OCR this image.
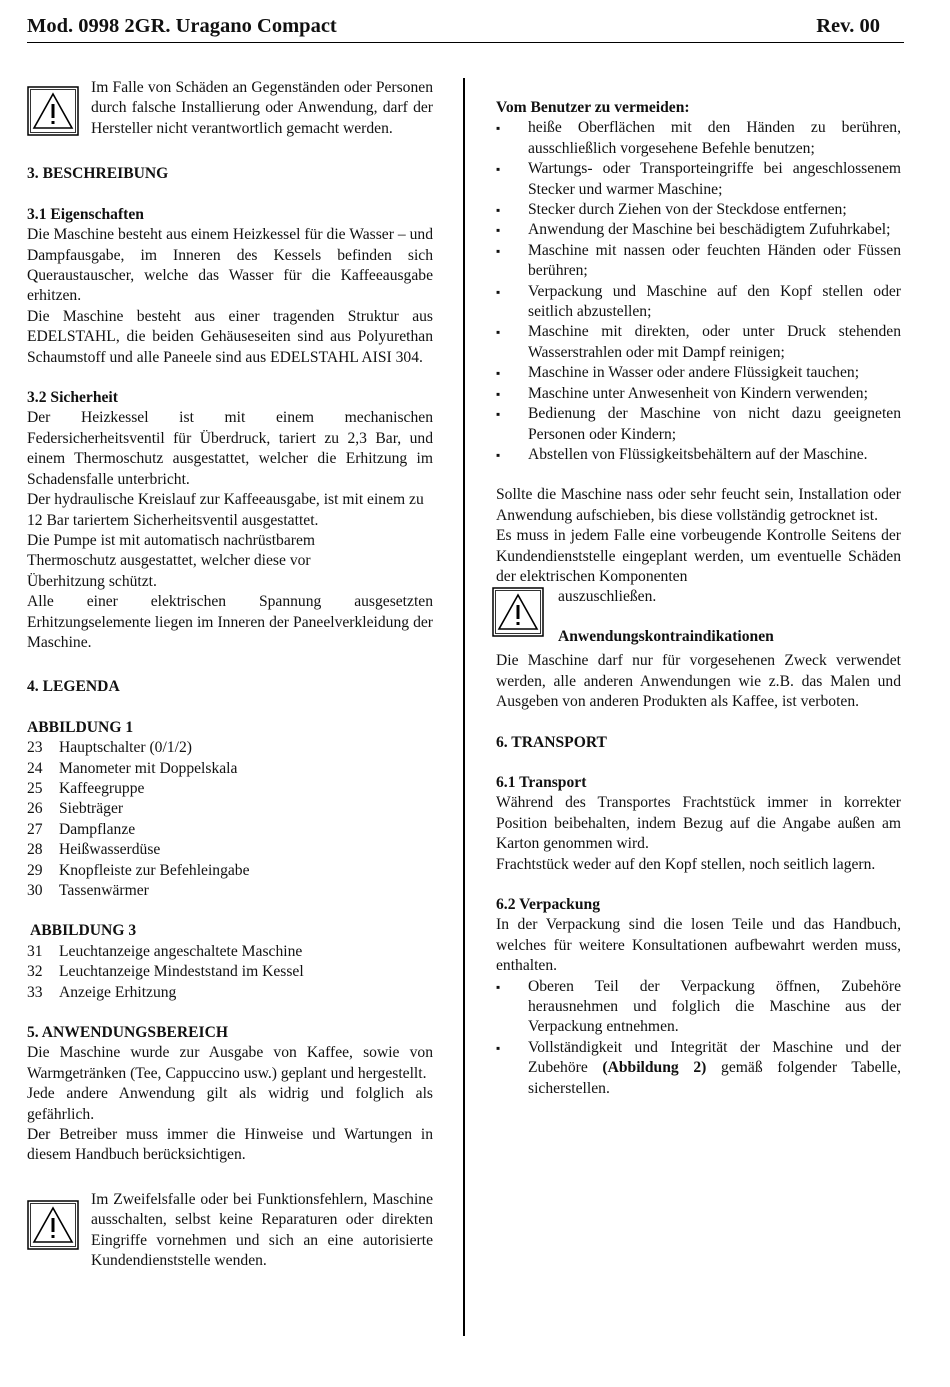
Mod. 0998 2GR. Uragano Compact	Rev. 00

Im Falle von Schäden an Gegenständen oder Personen durch falsche Installierung oder Anwendung, darf der Hersteller nicht verantwortlich gemacht werden.

3. BESCHREIBUNG

3.1 Eigenschaften

Die Maschine besteht aus einem Heizkessel für die Wasser – und Dampfausgabe, im Inneren des Kessels befinden sich Queraustauscher, welche das Wasser für die Kaffeeausgabe erhitzen.

Die Maschine besteht aus einer tragenden Struktur aus EDELSTAHL, die beiden Gehäuseseiten sind aus Polyurethan Schaumstoff und alle Paneele sind aus EDELSTAHL AISI 304.

3.2 Sicherheit

Der Heizkessel ist mit einem mechanischen Federsicherheitsventil für Überdruck, tariert zu 2,3 Bar, und einem Thermoschutz ausgestattet, welcher die Erhitzung im Schadensfalle unterbricht.

Der hydraulische Kreislauf zur Kaffeeausgabe, ist mit einem zu 12 Bar tariertem Sicherheitsventil ausgestattet.

Die Pumpe ist mit automatisch nachrüstbarem Thermoschutz ausgestattet, welcher diese vor Überhitzung schützt.

Alle einer elektrischen Spannung ausgesetzten Erhitzungselemente liegen im Inneren der Paneelverkleidung der Maschine.

4. LEGENDA

ABBILDUNG 1

23	Hauptschalter (0/1/2)
24	Manometer mit Doppelskala
25	Kaffeegruppe
26	Siebträger
27	Dampflanze
28	Heißwasserdüse
29	Knopfleiste zur Befehleingabe
30	Tassenwärmer

ABBILDUNG 3

31	Leuchtanzeige angeschaltete Maschine
32	Leuchtanzeige Mindeststand im Kessel
33	Anzeige Erhitzung

5. ANWENDUNGSBEREICH

Die Maschine wurde zur Ausgabe von Kaffee, sowie von Warmgetränken (Tee, Cappuccino usw.) geplant und hergestellt.

Jede andere Anwendung gilt als widrig und folglich als gefährlich.

Der Betreiber muss immer die Hinweise und Wartungen in diesem Handbuch berücksichtigen.

Im Zweifelsfalle oder bei Funktionsfehlern, Maschine ausschalten, selbst keine Reparaturen oder direkten Eingriffe vornehmen und sich an eine autorisierte Kundendienststelle wenden.

Vom Benutzer zu vermeiden:

▪ heiße Oberflächen mit den Händen zu berühren, ausschließlich vorgesehene Befehle benutzen;
▪ Wartungs- oder Transporteingriffe bei angeschlossenem Stecker und warmer Maschine;
▪ Stecker durch Ziehen von der Steckdose entfernen;
▪ Anwendung der Maschine bei beschädigtem Zufuhrkabel;
▪ Maschine mit nassen oder feuchten Händen oder Füssen berühren;
▪ Verpackung und Maschine auf den Kopf stellen oder seitlich abzustellen;
▪ Maschine mit direkten, oder unter Druck stehenden Wasserstrahlen oder mit Dampf reinigen;
▪ Maschine in Wasser oder andere Flüssigkeit tauchen;
▪ Maschine unter Anwesenheit von Kindern verwenden;
▪ Bedienung der Maschine von nicht dazu geeigneten Personen oder Kindern;
▪ Abstellen von Flüssigkeitsbehältern auf der Maschine.

Sollte die Maschine nass oder sehr feucht sein, Installation oder Anwendung aufschieben, bis diese vollständig getrocknet ist.

Es muss in jedem Falle eine vorbeugende Kontrolle Seitens der Kundendienststelle eingeplant werden, um eventuelle Schäden der elektrischen Komponenten

auszuschließen.

Anwendungskontraindikationen

Die Maschine darf nur für vorgesehenen Zweck verwendet werden, alle anderen Anwendungen wie z.B. das Malen und Ausgeben von anderen Produkten als Kaffee, ist verboten.

6. TRANSPORT

6.1 Transport

Während des Transportes Frachtstück immer in korrekter Position beibehalten, indem Bezug auf die Angabe außen am Karton genommen wird.

Frachtstück weder auf den Kopf stellen, noch seitlich lagern.

6.2 Verpackung

In der Verpackung sind die losen Teile und das Handbuch, welches für weitere Konsultationen aufbewahrt werden muss, enthalten.

▪ Oberen Teil der Verpackung öffnen, Zubehöre herausnehmen und folglich die Maschine aus der Verpackung entnehmen.
▪ Vollständigkeit und Integrität der Maschine und der Zubehöre (Abbildung 2) gemäß folgender Tabelle, sicherstellen.
